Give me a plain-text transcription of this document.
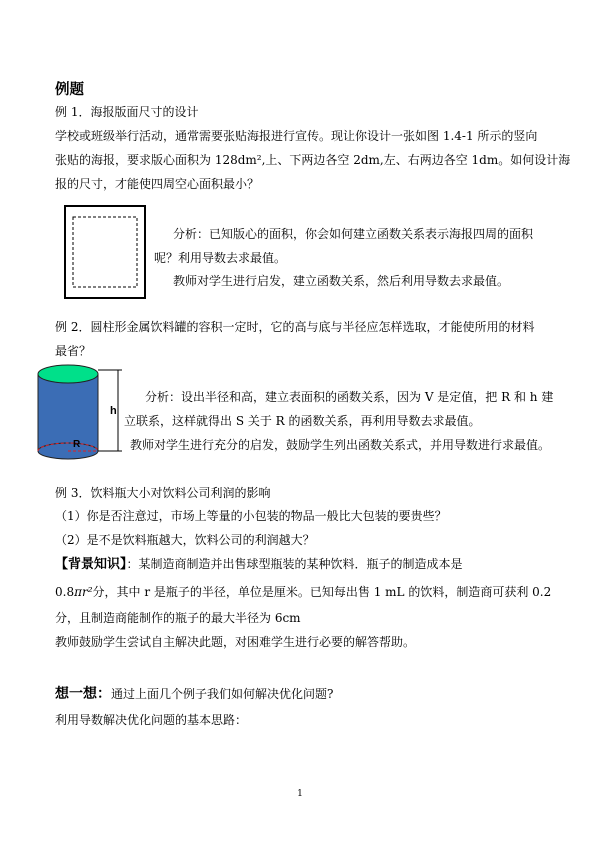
例题
例 1．海报版面尺寸的设计
学校或班级举行活动，通常需要张贴海报进行宣传。现让你设计一张如图 1.4-1 所示的竖向
张贴的海报，要求版心面积为 128dm²,上、下两边各空 2dm,左、右两边各空 1dm。如何设计海
报的尺寸，才能使四周空心面积最小？
分析：已知版心的面积，你会如何建立函数关系表示海报四周的面积
呢？利用导数去求最值。
教师对学生进行启发，建立函数关系，然后利用导数去求最值。
例 2．圆柱形金属饮料罐的容积一定时，它的高与底与半径应怎样选取，才能使所用的材料
最省？
h
R
分析：设出半径和高，建立表面积的函数关系，因为 V 是定值，把 R 和 h 建
立联系，这样就得出 S 关于 R 的函数关系，再利用导数去求最值。
教师对学生进行充分的启发，鼓励学生列出函数关系式，并用导数进行求最值。
例 3．饮料瓶大小对饮料公司利润的影响
（1）你是否注意过，市场上等量的小包装的物品一般比大包装的要贵些？
（2）是不是饮料瓶越大，饮料公司的利润越大？
【背景知识】：某制造商制造并出售球型瓶装的某种饮料．瓶子的制造成本是
0.8πr²分，其中 r 是瓶子的半径，单位是厘米。已知每出售 1 mL 的饮料，制造商可获利 0.2
分，且制造商能制作的瓶子的最大半径为 6cm
教师鼓励学生尝试自主解决此题，对困难学生进行必要的解答帮助。
想一想：通过上面几个例子我们如何解决优化问题?
利用导数解决优化问题的基本思路：
1
